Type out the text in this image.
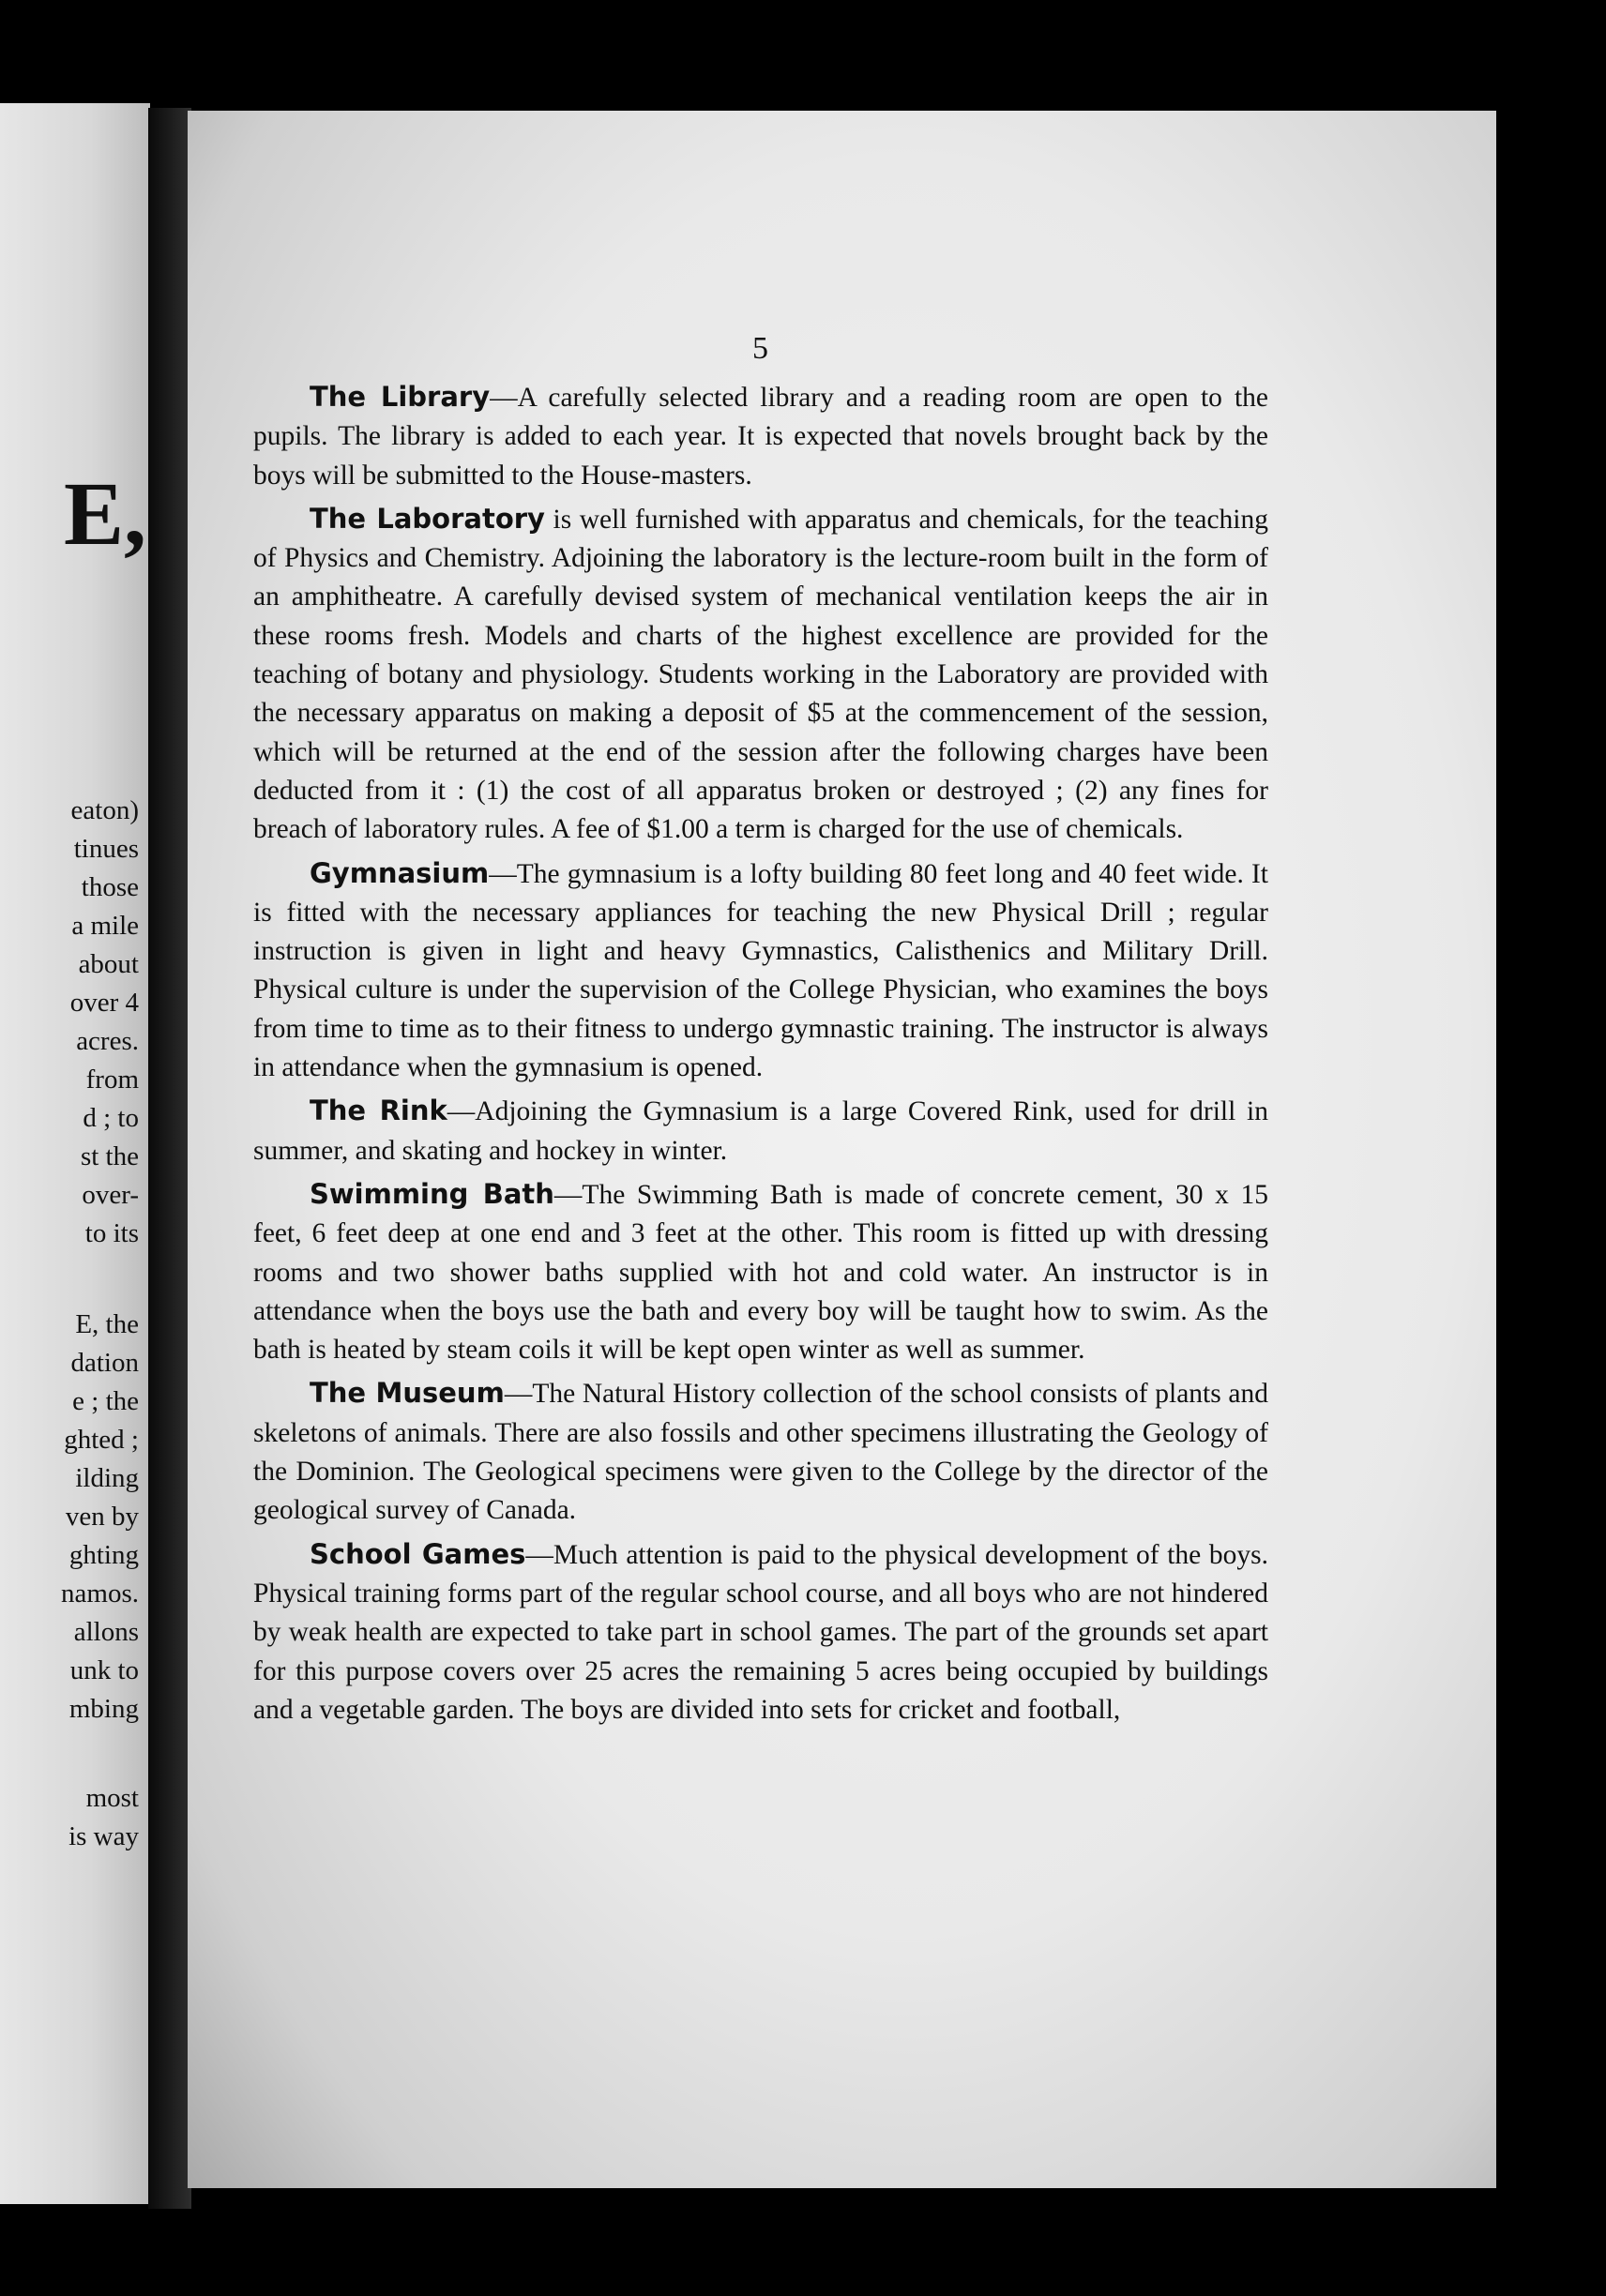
E,
eaton)
tinues
those
a mile
about
over 4
acres.
from
d ; to
st the
over-
to its
E, the
dation
e ; the
ghted ;
ilding
ven by
ghting
namos.
allons
unk to
mbing
most
is way
5

The Library—A carefully selected library and a reading room are open to the pupils. The library is added to each year. It is expected that novels brought back by the boys will be submitted to the House-masters.

The Laboratory is well furnished with apparatus and chemicals, for the teaching of Physics and Chemistry. Adjoining the laboratory is the lecture-room built in the form of an amphitheatre. A carefully devised system of mechanical ventilation keeps the air in these rooms fresh. Models and charts of the highest excellence are provided for the teaching of botany and physiology. Students working in the Laboratory are provided with the necessary apparatus on making a deposit of $5 at the commencement of the session, which will be returned at the end of the session after the following charges have been deducted from it : (1) the cost of all apparatus broken or destroyed ; (2) any fines for breach of laboratory rules. A fee of $1.00 a term is charged for the use of chemicals.

Gymnasium—The gymnasium is a lofty building 80 feet long and 40 feet wide. It is fitted with the necessary appliances for teaching the new Physical Drill ; regular instruction is given in light and heavy Gymnastics, Calisthenics and Military Drill. Physical culture is under the supervision of the College Physician, who examines the boys from time to time as to their fitness to undergo gymnastic training. The instructor is always in attendance when the gymnasium is opened.

The Rink—Adjoining the Gymnasium is a large Covered Rink, used for drill in summer, and skating and hockey in winter.

Swimming Bath—The Swimming Bath is made of concrete cement, 30 x 15 feet, 6 feet deep at one end and 3 feet at the other. This room is fitted up with dressing rooms and two shower baths supplied with hot and cold water. An instructor is in attendance when the boys use the bath and every boy will be taught how to swim. As the bath is heated by steam coils it will be kept open winter as well as summer.

The Museum—The Natural History collection of the school consists of plants and skeletons of animals. There are also fossils and other specimens illustrating the Geology of the Dominion. The Geological specimens were given to the College by the director of the geological survey of Canada.

School Games—Much attention is paid to the physical development of the boys. Physical training forms part of the regular school course, and all boys who are not hindered by weak health are expected to take part in school games. The part of the grounds set apart for this purpose covers over 25 acres the remaining 5 acres being occupied by buildings and a vegetable garden. The boys are divided into sets for cricket and football,
